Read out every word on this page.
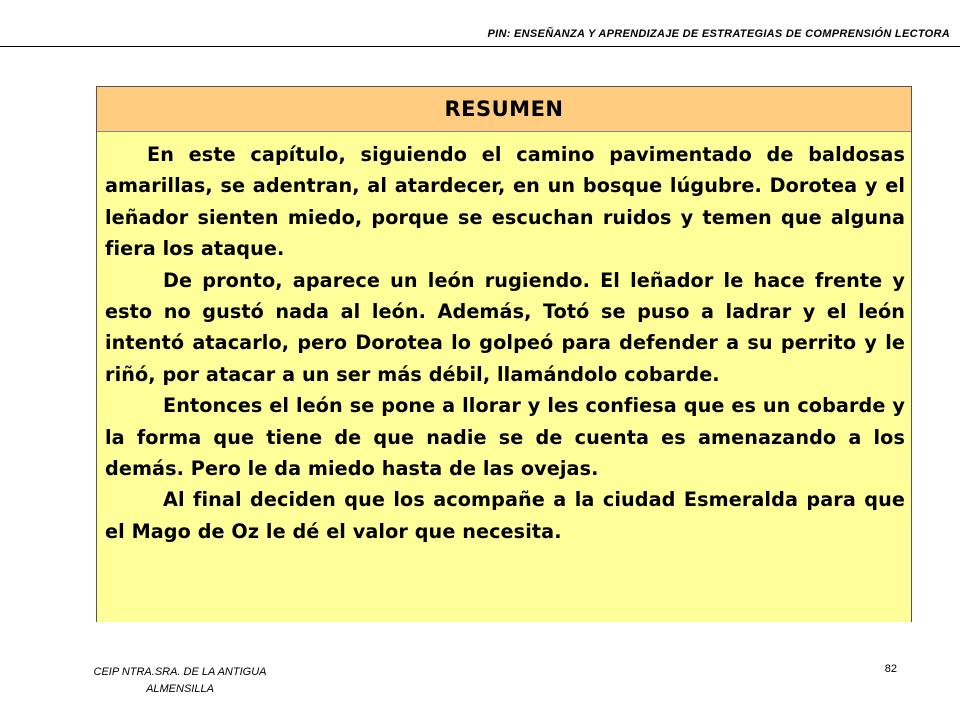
PIN: ENSEÑANZA Y APRENDIZAJE DE ESTRATEGIAS DE COMPRENSIÓN LECTORA
RESUMEN

En este capítulo, siguiendo el camino pavimentado de baldosas amarillas, se adentran, al atardecer, en un bosque lúgubre. Dorotea y el leñador sienten miedo, porque se escuchan ruidos y temen que alguna fiera los ataque.

De pronto, aparece un león rugiendo. El leñador le hace frente y esto no gustó nada al león. Además, Totó se puso a ladrar y el león intentó atacarlo, pero Dorotea lo golpeó para defender a su perrito y le riñó, por atacar a un ser más débil, llamándolo cobarde.

Entonces el león se pone a llorar y les confiesa que es un cobarde y la forma que tiene de que nadie se de cuenta es amenazando a los demás. Pero le da miedo hasta de las ovejas.

Al final deciden que los acompañe a la ciudad Esmeralda para que el Mago de Oz le dé el valor que necesita.

CEIP NTRA.SRA. DE LA ANTIGUA ALMENSILLA
82
